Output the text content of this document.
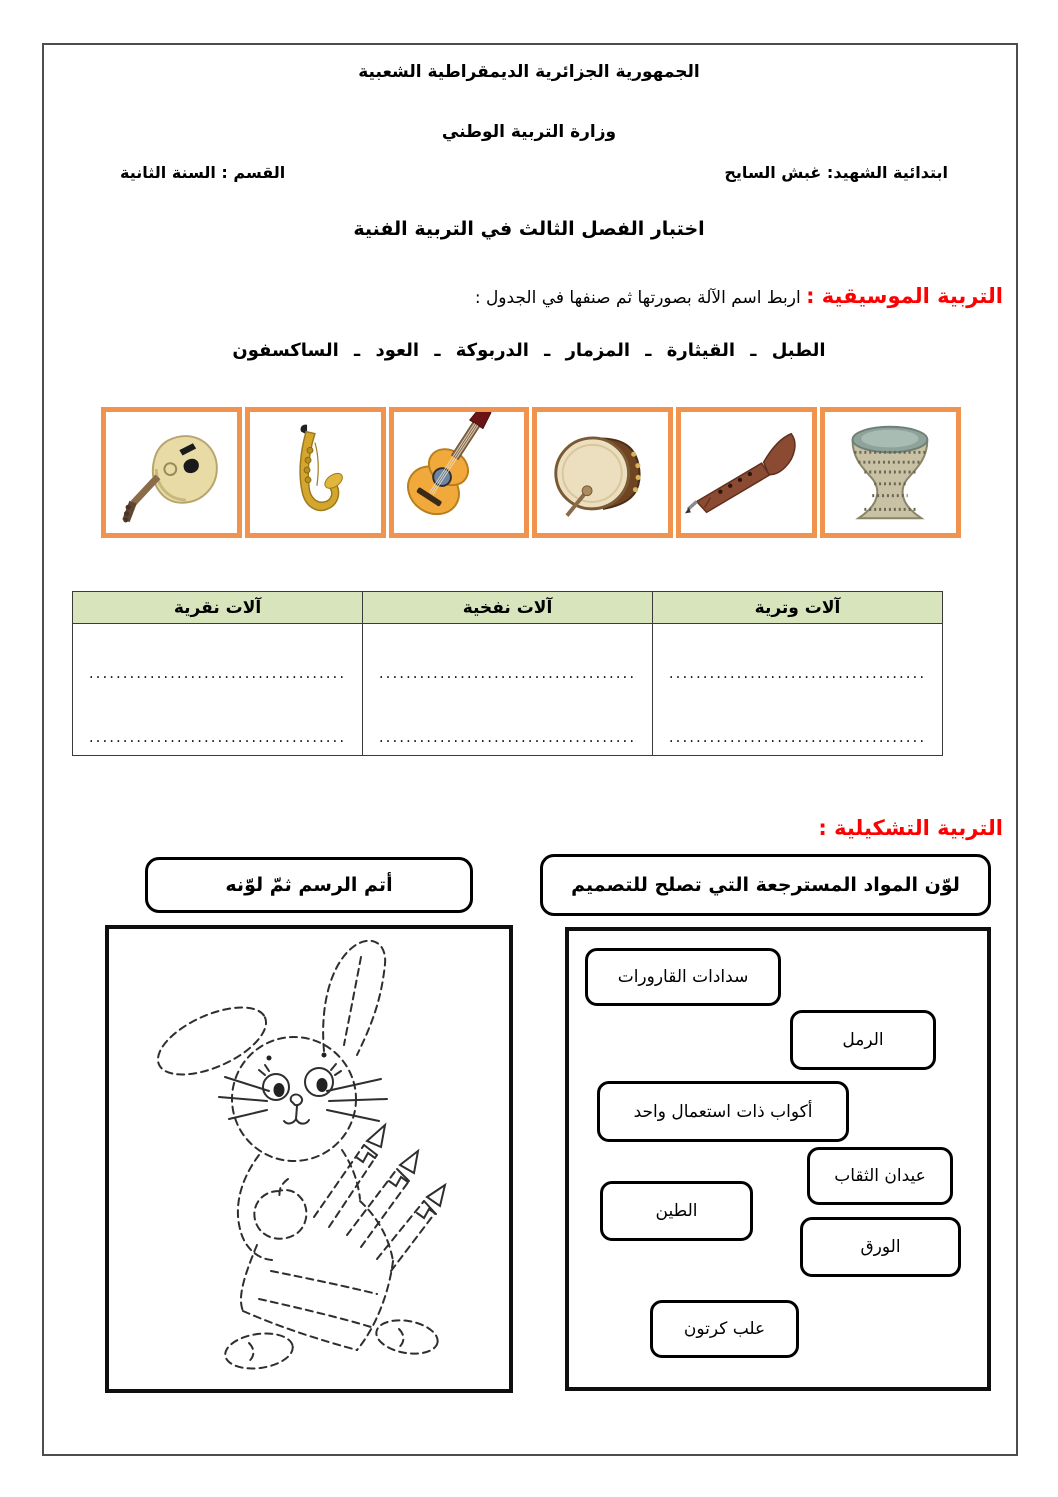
الجمهورية الجزائرية الديمقراطية الشعبية
وزارة التربية الوطني
ابتدائية الشهيد: غبش السايح
القسم : السنة الثانية
اختبار الفصل الثالث في التربية الفنية
التربية الموسيقية : اربط اسم الآلة بصورتها ثم صنفها في الجدول :
الطبل ـ القيثارة ـ المزمار ـ الدربوكة ـ العود ـ الساكسفون
آلات وترية	آلات نفخية	آلات نقرية

......................................
......................................

......................................
......................................

......................................
......................................
التربية التشكيلية :
أتم الرسم ثمّ لوّنه	لوّن المواد المسترجعة التي تصلح للتصميم
سدادات القارورات
الرمل
أكواب ذات استعمال واحد
عيدان الثقاب
الطين
الورق
علب كرتون
